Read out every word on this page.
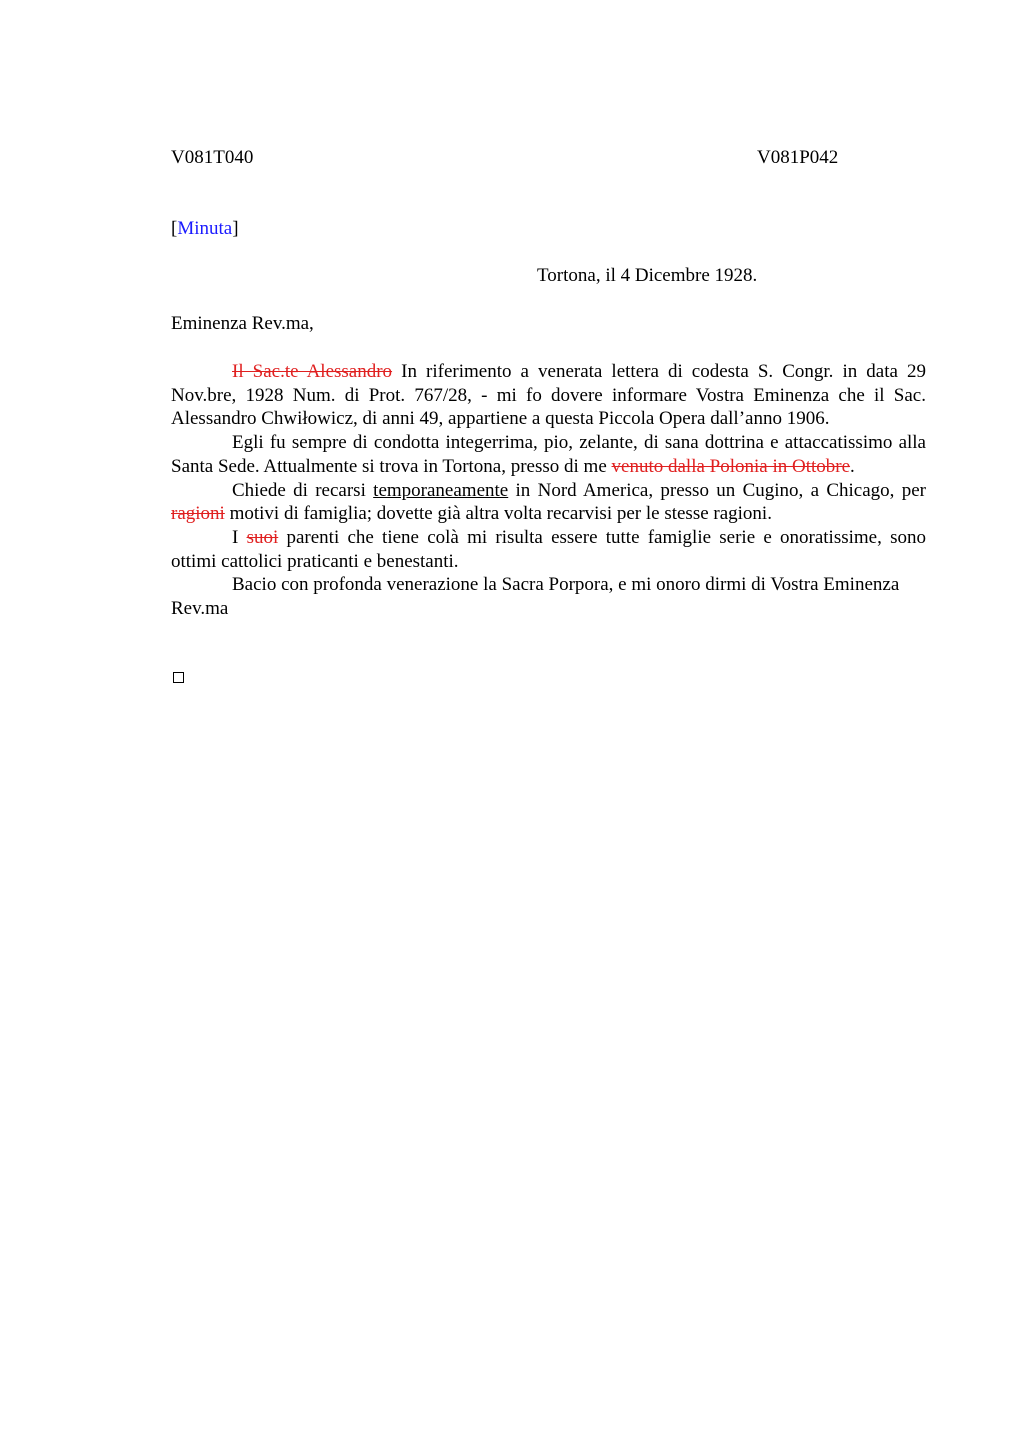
V081T040	V081P042
[Minuta]
Tortona, il 4 Dicembre 1928.
Eminenza Rev.ma,

Il Sac.te Alessandro In riferimento a venerata lettera di codesta S. Congr. in data 29 Nov.bre, 1928 Num. di Prot. 767/28, - mi fo dovere informare Vostra Eminenza che il Sac. Alessandro Chwiłowicz, di anni 49, appartiene a questa Piccola Opera dall’anno 1906.

Egli fu sempre di condotta integerrima, pio, zelante, di sana dottrina e attaccatissimo alla Santa Sede. Attualmente si trova in Tortona, presso di me venuto dalla Polonia in Ottobre.

Chiede di recarsi temporaneamente in Nord America, presso un Cugino, a Chicago, per ragioni motivi di famiglia; dovette già altra volta recarvisi per le stesse ragioni.

I suoi parenti che tiene colà mi risulta essere tutte famiglie serie e onoratissime, sono ottimi cattolici praticanti e benestanti.

Bacio con profonda venerazione la Sacra Porpora, e mi onoro dirmi di Vostra Eminenza Rev.ma
